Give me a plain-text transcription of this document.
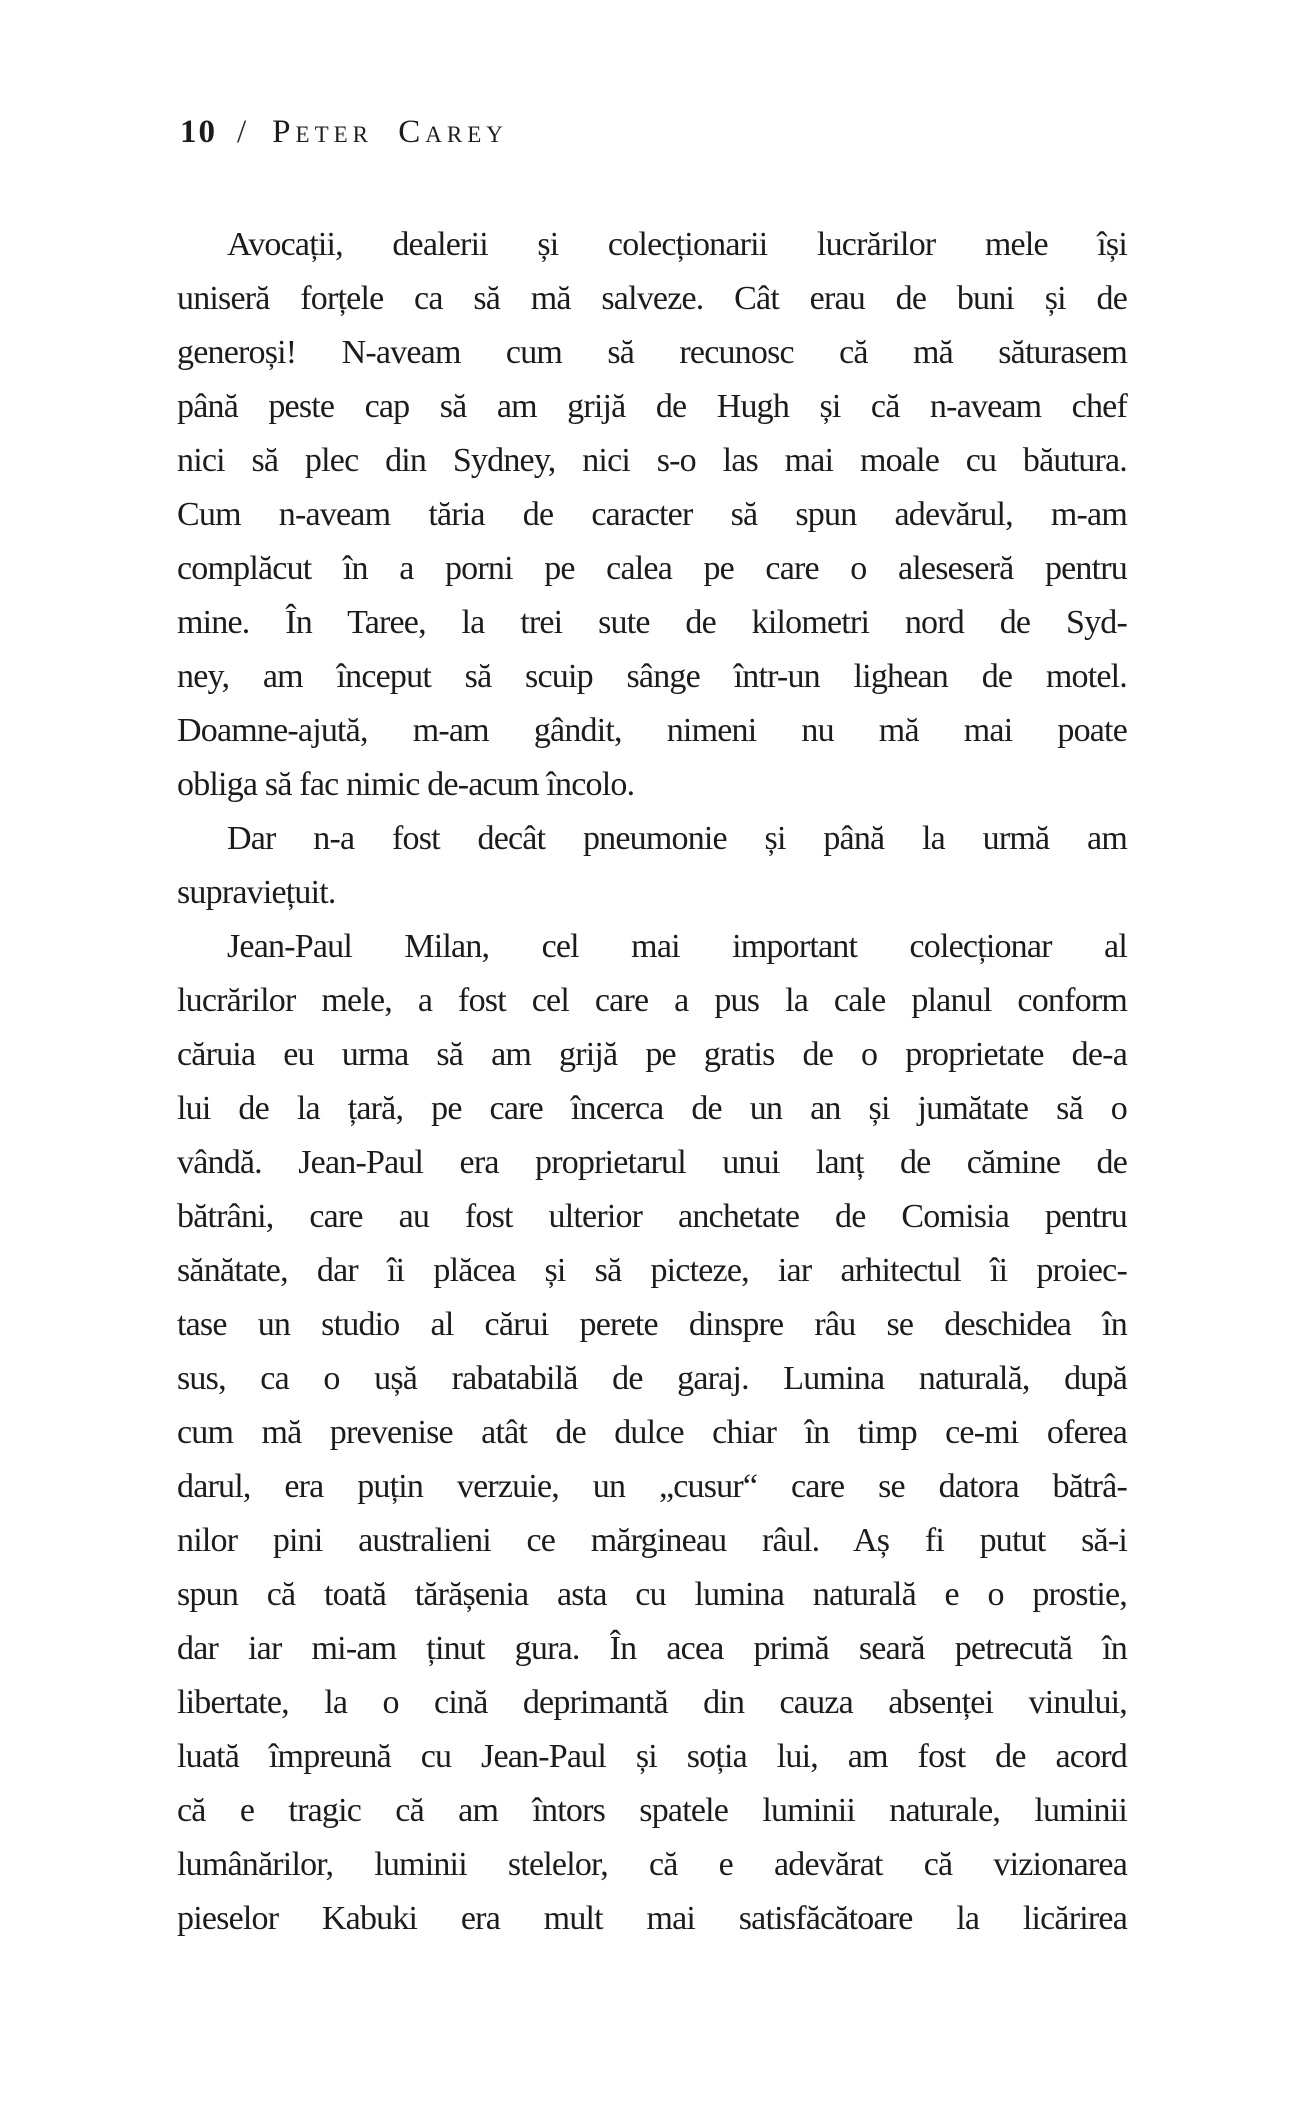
10 / Peter Carey
Avocații, dealerii și colecționarii lucrărilor mele își
uniseră forțele ca să mă salveze. Cât erau de buni și de
generoși! N-aveam cum să recunosc că mă săturasem
până peste cap să am grijă de Hugh și că n-aveam chef
nici să plec din Sydney, nici s-o las mai moale cu băutura.
Cum n-aveam tăria de caracter să spun adevărul, m-am
complăcut în a porni pe calea pe care o aleseseră pentru
mine. În Taree, la trei sute de kilometri nord de Syd-
ney, am început să scuip sânge într-un lighean de motel.
Doamne-ajută, m-am gândit, nimeni nu mă mai poate
obliga să fac nimic de-acum încolo.
Dar n-a fost decât pneumonie și până la urmă am
supraviețuit.
Jean-Paul Milan, cel mai important colecționar al
lucrărilor mele, a fost cel care a pus la cale planul conform
căruia eu urma să am grijă pe gratis de o proprietate de-a
lui de la țară, pe care încerca de un an și jumătate să o
vândă. Jean-Paul era proprietarul unui lanț de cămine de
bătrâni, care au fost ulterior anchetate de Comisia pentru
sănătate, dar îi plăcea și să picteze, iar arhitectul îi proiec-
tase un studio al cărui perete dinspre râu se deschidea în
sus, ca o ușă rabatabilă de garaj. Lumina naturală, după
cum mă prevenise atât de dulce chiar în timp ce-mi oferea
darul, era puțin verzuie, un „cusur“ care se datora bătrâ-
nilor pini australieni ce mărgineau râul. Aș fi putut să-i
spun că toată tărășenia asta cu lumina naturală e o prostie,
dar iar mi-am ținut gura. În acea primă seară petrecută în
libertate, la o cină deprimantă din cauza absenței vinului,
luată împreună cu Jean-Paul și soția lui, am fost de acord
că e tragic că am întors spatele luminii naturale, luminii
lumânărilor, luminii stelelor, că e adevărat că vizionarea
pieselor Kabuki era mult mai satisfăcătoare la licărirea
